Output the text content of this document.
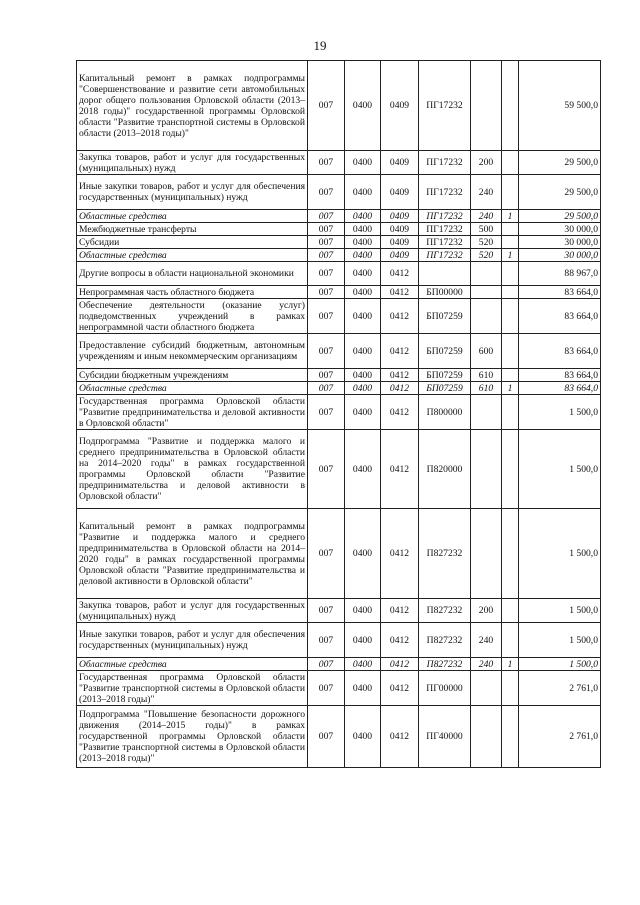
19
Капитальный ремонт в рамках подпрограммы "Совершенствование и развитие сети автомобильных дорог общего пользования Орловской области (2013–2018 годы)" государственной программы Орловской области "Развитие транспортной системы в Орловской области (2013–2018 годы)"	007	0400	0409	ПГ17232			59 500,0
Закупка товаров, работ и услуг для государственных (муниципальных) нужд	007	0400	0409	ПГ17232	200		29 500,0
Иные закупки товаров, работ и услуг для обеспечения государственных (муниципальных) нужд	007	0400	0409	ПГ17232	240		29 500,0
Областные средства	007	0400	0409	ПГ17232	240	1	29 500,0
Межбюджетные трансферты	007	0400	0409	ПГ17232	500		30 000,0
Субсидии	007	0400	0409	ПГ17232	520		30 000,0
Областные средства	007	0400	0409	ПГ17232	520	1	30 000,0
Другие вопросы в области национальной экономики	007	0400	0412				88 967,0
Непрограммная часть областного бюджета	007	0400	0412	БП00000			83 664,0
Обеспечение деятельности (оказание услуг) подведомственных учреждений в рамках непрограммной части областного бюджета	007	0400	0412	БП07259			83 664,0
Предоставление субсидий бюджетным, автономным учреждениям и иным некоммерческим организациям	007	0400	0412	БП07259	600		83 664,0
Субсидии бюджетным учреждениям	007	0400	0412	БП07259	610		83 664,0
Областные средства	007	0400	0412	БП07259	610	1	83 664,0
Государственная программа Орловской области "Развитие предпринимательства и деловой активности в Орловской области"	007	0400	0412	П800000			1 500,0
Подпрограмма "Развитие и поддержка малого и среднего предпринимательства в Орловской области на 2014–2020 годы" в рамках государственной программы Орловской области "Развитие предпринимательства и деловой активности в Орловской области"	007	0400	0412	П820000			1 500,0
Капитальный ремонт в рамках подпрограммы "Развитие и поддержка малого и среднего предпринимательства в Орловской области на 2014–2020 годы" в рамках государственной программы Орловской области "Развитие предпринимательства и деловой активности в Орловской области"	007	0400	0412	П827232			1 500,0
Закупка товаров, работ и услуг для государственных (муниципальных) нужд	007	0400	0412	П827232	200		1 500,0
Иные закупки товаров, работ и услуг для обеспечения государственных (муниципальных) нужд	007	0400	0412	П827232	240		1 500,0
Областные средства	007	0400	0412	П827232	240	1	1 500,0
Государственная программа Орловской области "Развитие транспортной системы в Орловской области (2013–2018 годы)"	007	0400	0412	ПГ00000			2 761,0
Подпрограмма "Повышение безопасности дорожного движения (2014–2015 годы)" в рамках государственной программы Орловской области "Развитие транспортной системы в Орловской области (2013–2018 годы)"	007	0400	0412	ПГ40000			2 761,0
